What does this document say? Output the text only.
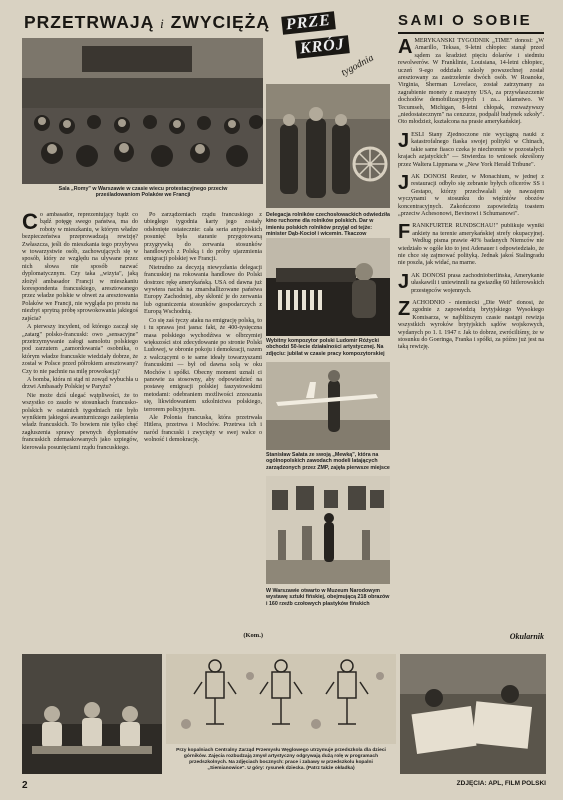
PRZETRWAJĄ i ZWYCIĘŻĄ
Sala „Romy" w Warszawie w czasie wiecu protestacyjnego przeciw prześladowaniom Polaków we Francji
C o ambasador, reprezentujący bądź co bądź potęgę swego państwa, ma do roboty w mieszkaniu, w którym władze bezpieczeństwa przeprowadzają rewizję? Zwłaszcza, jeśli do mieszkania tego przybywa w towarzystwie osób, zachowujących się w sposób, który ze względu na ulywane przez nich słowa nie sposób nazwać dyplomatycznym. Czy taka „wizyta", jaką złożył ambasador Francji w mieszkaniu korespondenta francuskiego, aresztowanego przez władze polskie w obwet za aresztowania Polaków we Francji, nie wygląda po prostu na niezbyt sprytną próbę sprowokowania jakiegoś zajścia?

A pierwszy incydent, od którego zaczął się „zatarg" polsko-francuski: owo „sensacyjne" przetrzymywanie załogi samolotu polskiego pod zarzutem „zamordowania" osobnika, o którym władze francuskie wiedziały dobrze, że został w Polsce przed półrokiem aresztowany? Czy to nie pachnie na milę prowokacją?

A bomba, która ni stąd ni zowąd wybuchła u drzwi Ambasady Polskiej w Paryżu?

Nie może dziś ulegać wątpliwości, że to wszystko co zaszło w stosunkach francusko-polskich w ostatnich tygodniach nie było wynikiem jakiegoś awanturniczego zaślepienia władz francuskich. To bowiem nie tylko chęć zagłuszenia sprawy pewnych dyplomatów francuskich zdemaskowanych jako szpiegów, kierowała posunięciami rządu francuskiego.

Po zarządzeniach rządu francuskiego z ubiegłego tygodnia karty jego zostały odsłonięte ostatecznie: cała seria antypolskich posunięć była staranie przygotowaną przygrywką do zerwania stosunków handlowych z Polską i do próby ujarzmienia emigracji polskiej we Francji.

Nietrudno za decyzją niewyzłania delegacji francuskiej na rokowania handlowe do Polski dostrzec rękę amerykańską. USA od dawna już wywiera nacisk na zmarshallizowane państwa Europy Zachodniej, aby skłonić je do zerwania lub ograniczenia stosunków gospodarczych z Europą Wschodnią.

Co się zaś tyczy ataku na emigrację polską, to i tu sprawa jest jasna: fakt, że 400-tysięczna masa polskiego wychodźtwa w olbrzymiej większości stoi zdecydowanie po stronie Polski Ludowej, w obronie pokoju i demokracji, razem z walczącymi o te same ideały towarzyszami francuskimi — był od dawna solą w oku Mochów i spółki. Obecny moment uznali ci panowie za stosowny, aby odpowiedzieć na postawę emigracji polskiej faszystowskimi metodami: odebraniem możliwości zrzeszania się, likwidowaniem szkolnictwa polskiego, terrorem policyjnym.

Ale Polonia francuska, która przetrwała Hitlera, przetrwa i Mochów. Przetrwa ich i naród francuski i zwycięży w swej walce o wolność i demokrację.

(Kom.)
PRZE
KRÓJ
tygodnia
Delegacja rolników czechosłowackich odwiedziła kino ruchome dla rolników polskich. Dar w imieniu polskich rolników przyjął od tejże: minister Dąb-Kocioł i wicemin. Tkaczow
Wybitny kompozytor polski Ludomir Różycki obchodzi 50-lecie działalności artystycznej. Na zdjęciu: jubilat w czasie pracy kompozytorskiej
Stanisław Sałata ze swoją „Mewką", która na ogólnopolskich zawodach modeli latających zarządzonych przez ZMP, zajęła pierwsze miejsce
W Warszawie otwarto w Muzeum Narodowym wystawę sztuki fińskiej, obejmującą 218 obrazów i 160 rzeźb czołowych plastyków fińskich
SAMI O SOBIE
A MERYKAŃSKI TYGODNIK „TIME" donosi: „W Amarillo, Teksas, 9-letni chłopiec stanął przed sądem za kradzież pięciu dolarów i siedmiu rewolwerów. W Franklinie, Louisiana, 14-letni chłopiec, uczeń 9-ego oddziału szkoły powszechnej został aresztowany za zastrzelenie dwóch osób. W Roanoke, Virginia, Sherman Lovelace, został zatrzymany za zagrabienie monety z maszyny USA, za przywłaszczenie dochodów demobilizacyjnych i za... kłamstwo. W Tecumseh, Michigan, 8-letni chłopak, rozważywszy „niedostatecznym" na cenzurze, podpalił budynek szkoły". Oto młodzież, kształcona na prasie amerykańskiej.

J EŚLI Stany Zjednoczone nie wyciągną nauki z katastrofalnego fiaska swojej polityki w Chinach, takie same fiasco czeka je niechronnie w pozostałych krajach azjatyckich" — Stwierdza to wniosek określony przez Waltera Lippmana w „New York Herald Tribune".

J AK DONOSI Reuter, w Monachium, w jednej z restauracji odbyło się zebranie byłych oficerów SS i Gestapo, którzy przechwalali się nawzajem wyczynami w stosunku do więźniów obozów koncentracyjnych. Zakończono zapowiedzią toastem „przeciw Achesonowi, Bevinowi i Schumanowi".

F RANKFURTER RUNDSCHAU!" publikuje wyniki ankiety na terenie amerykańskiej strefy okupacyjnej. Według pisma prawie 40% badanych Niemców nie wiedziało w ogóle kto to jest Adenauer i odpowiedziało, że nie chce się zajmować polityką. Jednak jakoś Stalingradu nie poszła, jak widać, na marne.

J AK DONOSI prasa zachodnioberlińska, Amerykanie ułaskawili i uniewinnili na gwiazdkę 60 hitlerowskich przestępców wojennych.

Z ACHODNIO - niemiecki „Die Welt" donosi, że zgodnie z zapowiedzią brytyjskiego Wysokiego Komisarza, w najbliższym czasie nastąpi rewizja wszystkich wyroków brytyjskich sądów wojskowych, wydanych po 1. I. 1947 r. Jak to dobrze, zwróciliśmy, że w stosunku do Goeringa, Franka i spółki, za późno już jest na taką rewizję.

Okularnik
Przy kopalniach Centralny Zarząd Przemysłu Węglowego utrzymuje przedszkola dla dzieci górników. Zajęcia rozbudzają zmysł artystyczny odgrywają dużą rolę w programach przedszkolnych. Na zdjęciach bocznych: prace i zabawy w przedszkolu kopalni „Siemianowice". U góry: rysunek dziecka. (Patrz także okładka)
2	ZDJĘCIA: APL, FILM POLSKI
